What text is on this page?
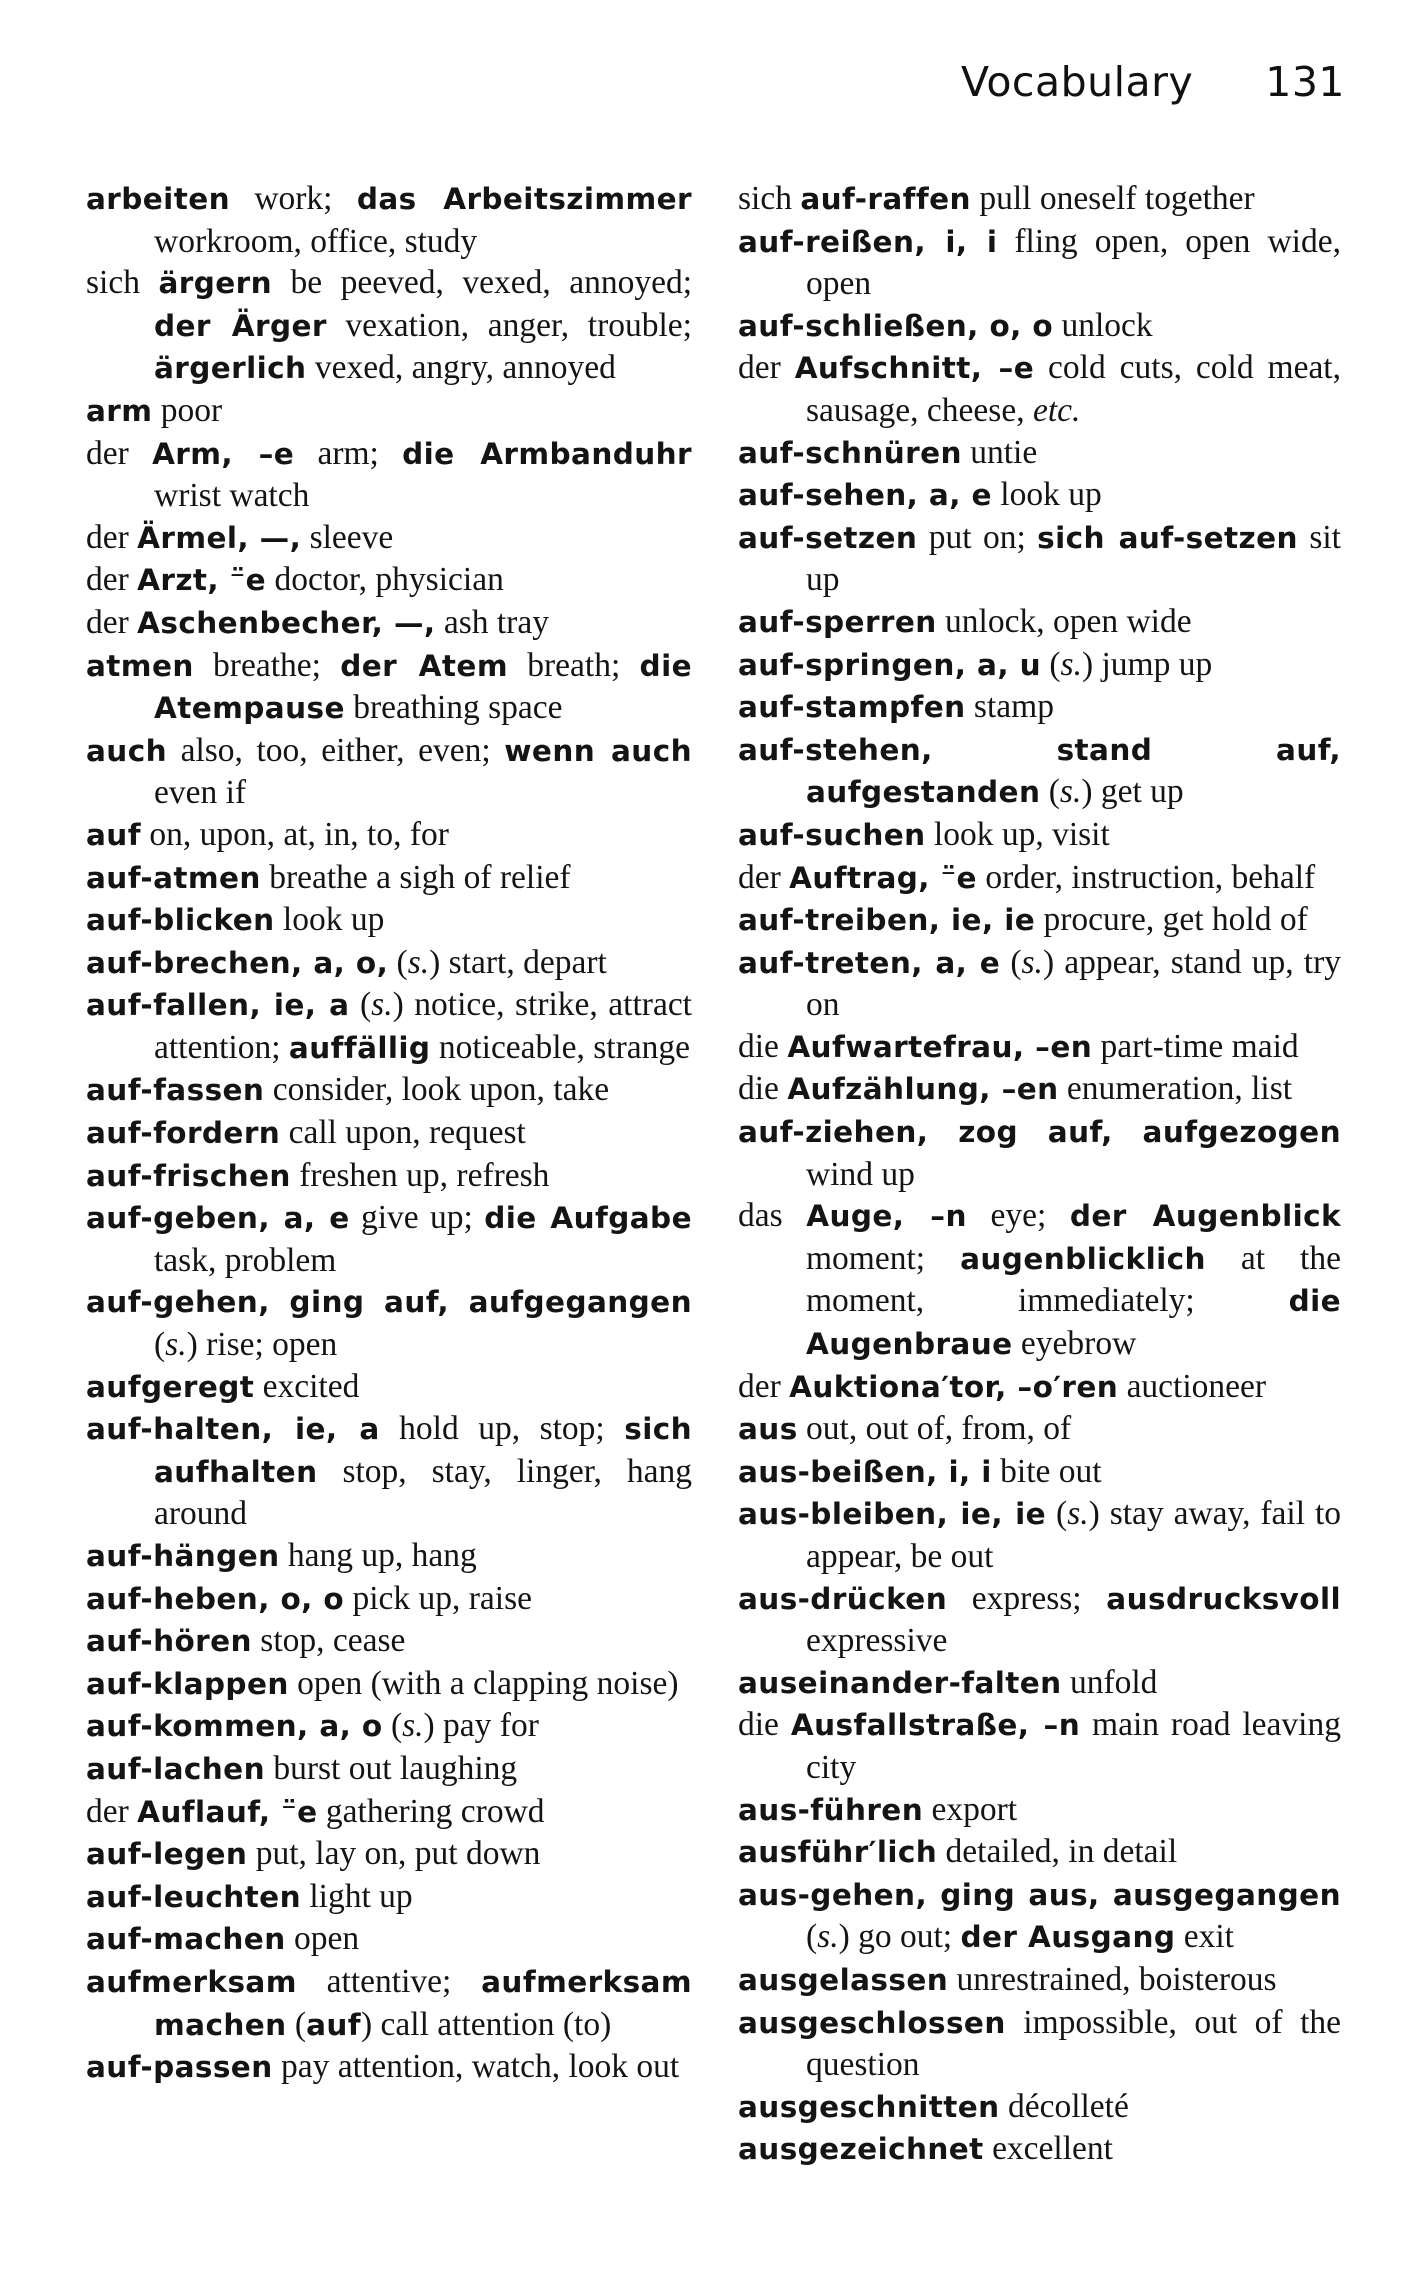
Vocabulary 131

arbeiten work; das Arbeitszimmer workroom, office, study

sich ärgern be peeved, vexed, annoyed; der Ärger vexation, anger, trouble; ärgerlich vexed, angry, annoyed

arm poor

der Arm, –e arm; die Armbanduhr wrist watch

der Ärmel, —, sleeve

der Arzt, ⁻̈e doctor, physician

der Aschenbecher, —, ash tray

atmen breathe; der Atem breath; die Atempause breathing space

auch also, too, either, even; wenn auch even if

auf on, upon, at, in, to, for

auf-atmen breathe a sigh of relief

auf-blicken look up

auf-brechen, a, o, (s.) start, depart

auf-fallen, ie, a (s.) notice, strike, attract attention; auffällig noticeable, strange

auf-fassen consider, look upon, take

auf-fordern call upon, request

auf-frischen freshen up, refresh

auf-geben, a, e give up; die Aufgabe task, problem

auf-gehen, ging auf, aufgegangen (s.) rise; open

aufgeregt excited

auf-halten, ie, a hold up, stop; sich aufhalten stop, stay, linger, hang around

auf-hängen hang up, hang

auf-heben, o, o pick up, raise

auf-hören stop, cease

auf-klappen open (with a clapping noise)

auf-kommen, a, o (s.) pay for

auf-lachen burst out laughing

der Auflauf, ⁻̈e gathering crowd

auf-legen put, lay on, put down

auf-leuchten light up

auf-machen open

aufmerksam attentive; aufmerksam machen (auf) call attention (to)

auf-passen pay attention, watch, look out

sich auf-raffen pull oneself together

auf-reißen, i, i fling open, open wide, open

auf-schließen, o, o unlock

der Aufschnitt, –e cold cuts, cold meat, sausage, cheese, etc.

auf-schnüren untie

auf-sehen, a, e look up

auf-setzen put on; sich auf-setzen sit up

auf-sperren unlock, open wide

auf-springen, a, u (s.) jump up

auf-stampfen stamp

auf-stehen, stand auf, aufgestanden (s.) get up

auf-suchen look up, visit

der Auftrag, ⁻̈e order, instruction, behalf

auf-treiben, ie, ie procure, get hold of

auf-treten, a, e (s.) appear, stand up, try on

die Aufwartefrau, –en part-time maid

die Aufzählung, –en enumeration, list

auf-ziehen, zog auf, aufgezogen wind up

das Auge, –n eye; der Augenblick moment; augenblicklich at the moment, immediately; die Augenbraue eyebrow

der Auktiona′tor, –o′ren auctioneer

aus out, out of, from, of

aus-beißen, i, i bite out

aus-bleiben, ie, ie (s.) stay away, fail to appear, be out

aus-drücken express; ausdrucksvoll expressive

auseinander-falten unfold

die Ausfallstraße, –n main road leaving city

aus-führen export

ausführ′lich detailed, in detail

aus-gehen, ging aus, ausgegangen (s.) go out; der Ausgang exit

ausgelassen unrestrained, boisterous

ausgeschlossen impossible, out of the question

ausgeschnitten décolleté

ausgezeichnet excellent
